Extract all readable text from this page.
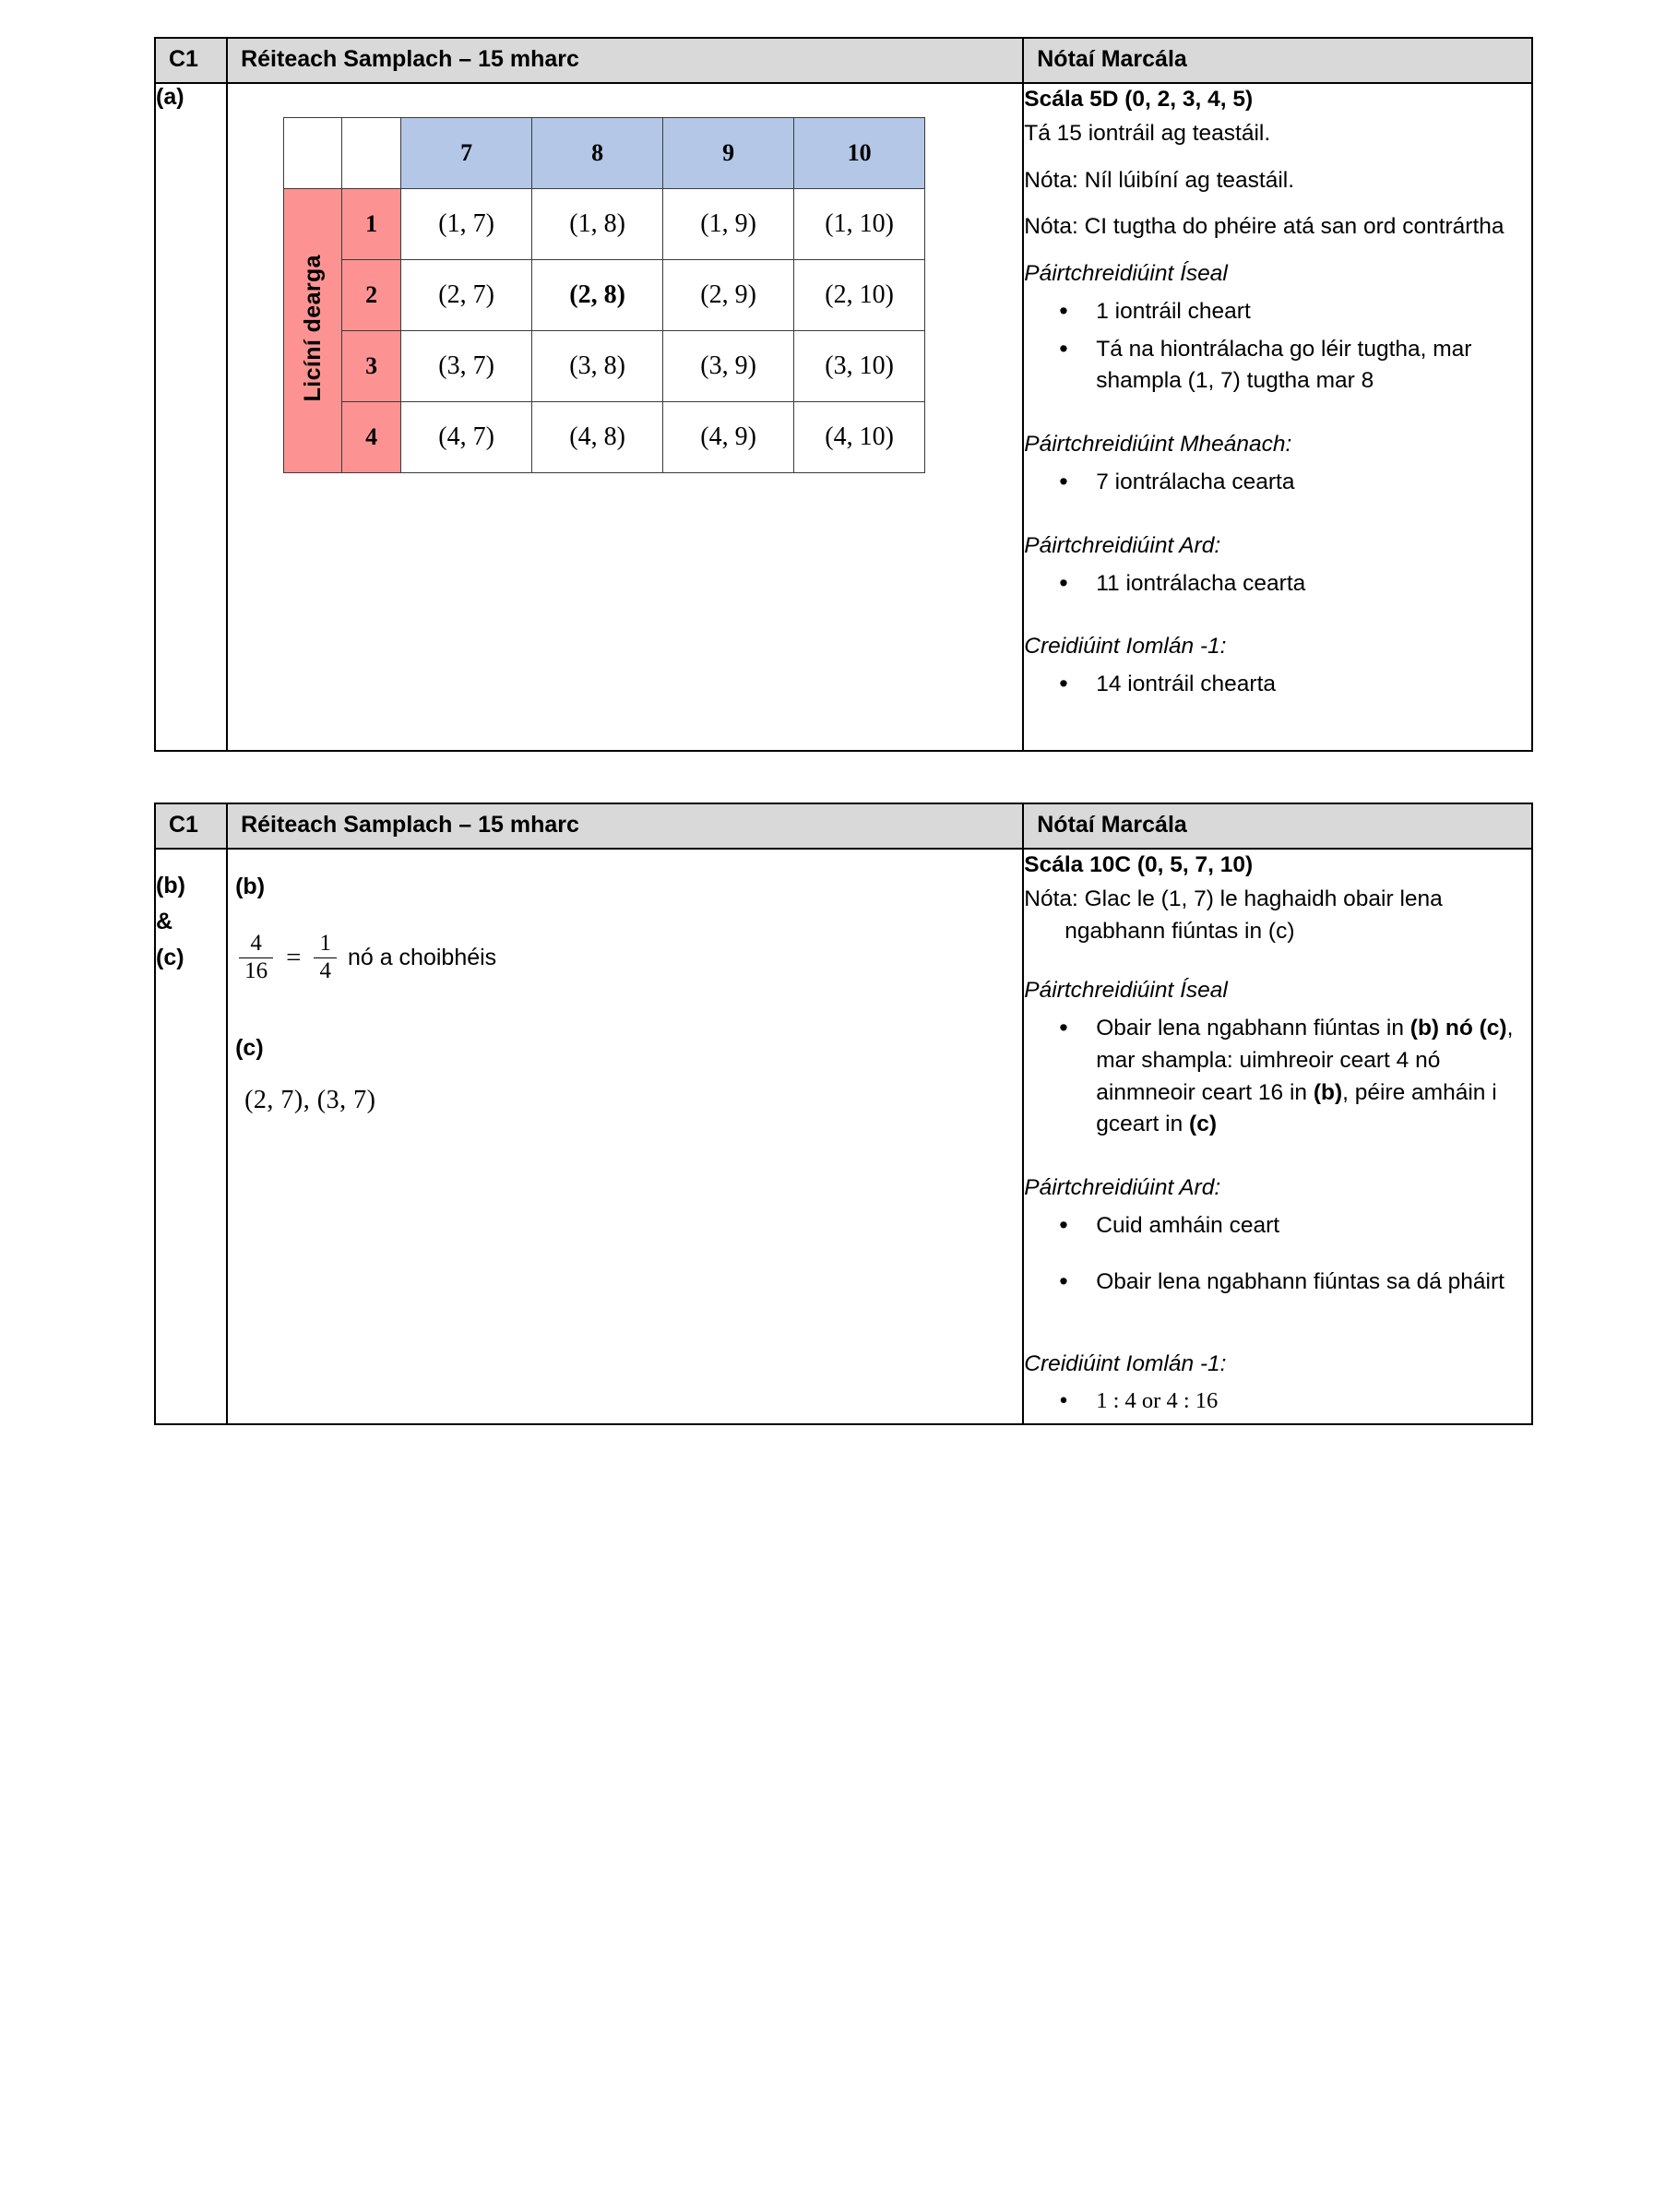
C1	Réiteach Samplach – 15 mharc	Nótaí Marcála
(a)	
		7	8	9	10
Licíní dearga	1	(1, 7)	(1, 8)	(1, 9)	(1, 10)
2	(2, 7)	(2, 8)	(2, 9)	(2, 10)
3	(3, 7)	(3, 8)	(3, 9)	(3, 10)
4	(4, 7)	(4, 8)	(4, 9)	(4, 10)

Scála 5D (0, 2, 3, 4, 5)
Tá 15 iontráil ag teastáil.
Nóta: Níl lúibíní ag teastáil.
Nóta: CI tugtha do phéire atá san ord contrártha
Páirtchreidiúint Íseal
• 1 iontráil cheart
• Tá na hiontrálacha go léir tugtha, mar shampla (1, 7) tugtha mar 8
Páirtchreidiúint Mheánach:
• 7 iontrálacha cearta
Páirtchreidiúint Ard:
• 11 iontrálacha cearta
Creidiúint Iomlán -1:
• 14 iontráil chearta
C1	Réiteach Samplach – 15 mharc	Nótaí Marcála

(b)
&
(c)

(b)
$\frac{4}{16} = \frac{1}{4}$ nó a choibhéis
(c)
(2, 7), (3, 7)

Scála 10C (0, 5, 7, 10)
Nóta: Glac le (1, 7) le haghaidh obair lena ngabhann fiúntas in (c)
Páirtchreidiúint Íseal
• Obair lena ngabhann fiúntas in (b) nó (c), mar shampla: uimhreoir ceart 4 nó ainmneoir ceart 16 in (b), péire amháin i gceart in (c)
Páirtchreidiúint Ard:
• Cuid amháin ceart
• Obair lena ngabhann fiúntas sa dá pháirt
Creidiúint Iomlán -1:
• 1 : 4 or 4 : 16
